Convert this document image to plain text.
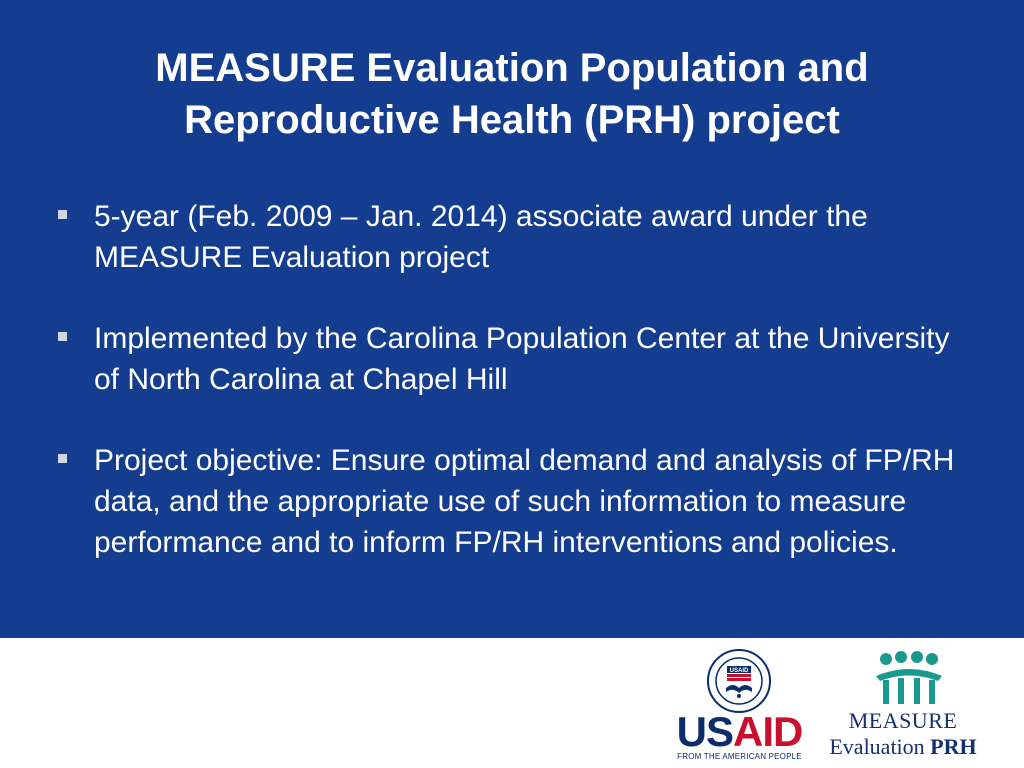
MEASURE Evaluation Population and Reproductive Health (PRH) project
5-year (Feb. 2009 – Jan. 2014) associate award under the MEASURE Evaluation project
Implemented by the Carolina Population Center at the University of North Carolina at Chapel Hill
Project objective: Ensure optimal demand and analysis of FP/RH data, and the appropriate use of such information to measure performance and to inform FP/RH interventions and policies.
USAID
USAID
FROM THE AMERICAN PEOPLE
MEASURE
Evaluation PRH
